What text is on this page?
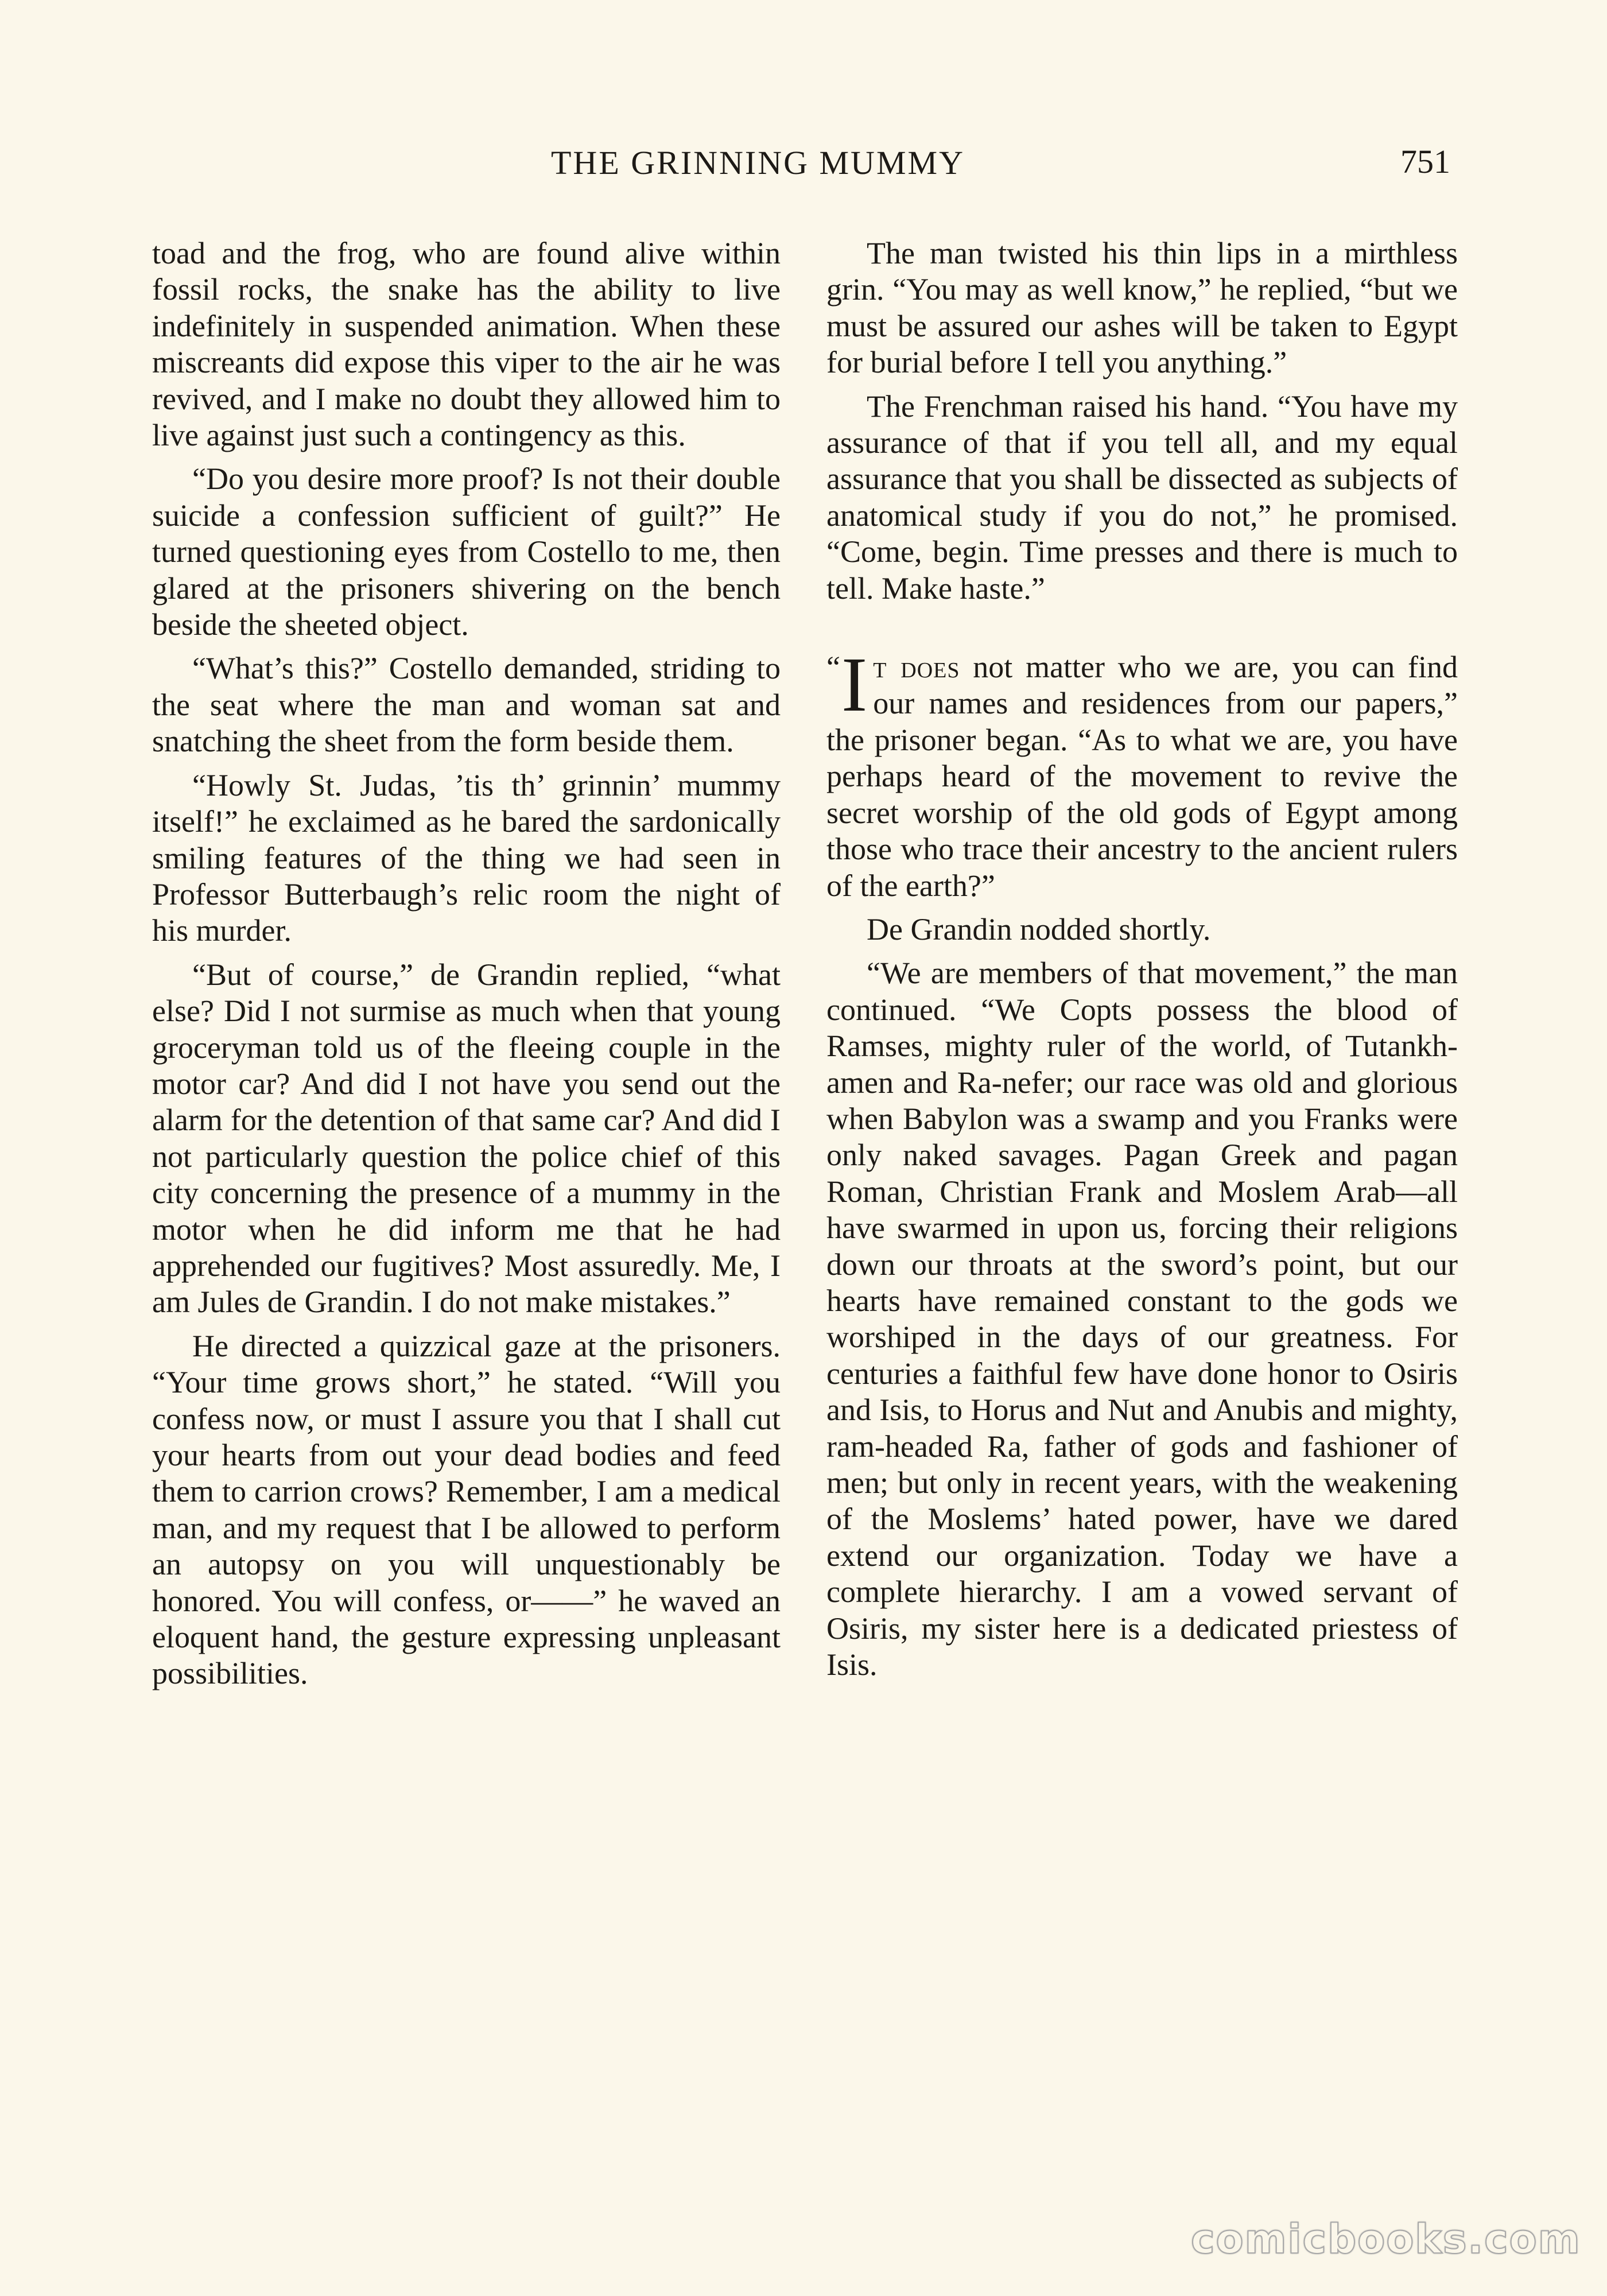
THE GRINNING MUMMY	751

toad and the frog, who are found alive within fossil rocks, the snake has the ability to live indefinitely in suspended animation. When these miscreants did expose this viper to the air he was revived, and I make no doubt they allowed him to live against just such a contingency as this.

“Do you desire more proof? Is not their double suicide a confession sufficient of guilt?” He turned questioning eyes from Costello to me, then glared at the prisoners shivering on the bench beside the sheeted object.

“What’s this?” Costello demanded, striding to the seat where the man and woman sat and snatching the sheet from the form beside them.

“Howly St. Judas, ’tis th’ grinnin’ mummy itself!” he exclaimed as he bared the sardonically smiling features of the thing we had seen in Professor Butterbaugh’s relic room the night of his murder.

“But of course,” de Grandin replied, “what else? Did I not surmise as much when that young groceryman told us of the fleeing couple in the motor car? And did I not have you send out the alarm for the detention of that same car? And did I not particularly question the police chief of this city concerning the presence of a mummy in the motor when he did inform me that he had apprehended our fugitives? Most assuredly. Me, I am Jules de Grandin. I do not make mistakes.”

He directed a quizzical gaze at the prisoners. “Your time grows short,” he stated. “Will you confess now, or must I assure you that I shall cut your hearts from out your dead bodies and feed them to carrion crows? Remember, I am a medical man, and my request that I be allowed to perform an autopsy on you will unquestionably be honored. You will confess, or——” he waved an eloquent hand, the gesture expressing unpleasant possibilities.

The man twisted his thin lips in a mirthless grin. “You may as well know,” he replied, “but we must be assured our ashes will be taken to Egypt for burial before I tell you anything.”

The Frenchman raised his hand. “You have my assurance of that if you tell all, and my equal assurance that you shall be dissected as subjects of anatomical study if you do not,” he promised. “Come, begin. Time presses and there is much to tell. Make haste.”

“ I t does not matter who we are, you can find our names and residences from our papers,” the prisoner began. “As to what we are, you have perhaps heard of the movement to revive the secret worship of the old gods of Egypt among those who trace their ancestry to the ancient rulers of the earth?”

De Grandin nodded shortly.

“We are members of that movement,” the man continued. “We Copts possess the blood of Ramses, mighty ruler of the world, of Tutankh-amen and Ra-nefer; our race was old and glorious when Babylon was a swamp and you Franks were only naked savages. Pagan Greek and pagan Roman, Christian Frank and Moslem Arab—all have swarmed in upon us, forcing their religions down our throats at the sword’s point, but our hearts have remained constant to the gods we worshiped in the days of our greatness. For centuries a faithful few have done honor to Osiris and Isis, to Horus and Nut and Anubis and mighty, ram-headed Ra, father of gods and fashioner of men; but only in recent years, with the weakening of the Moslems’ hated power, have we dared extend our organization. Today we have a complete hierarchy. I am a vowed servant of Osiris, my sister here is a dedicated priestess of Isis.

comicbooks.com
